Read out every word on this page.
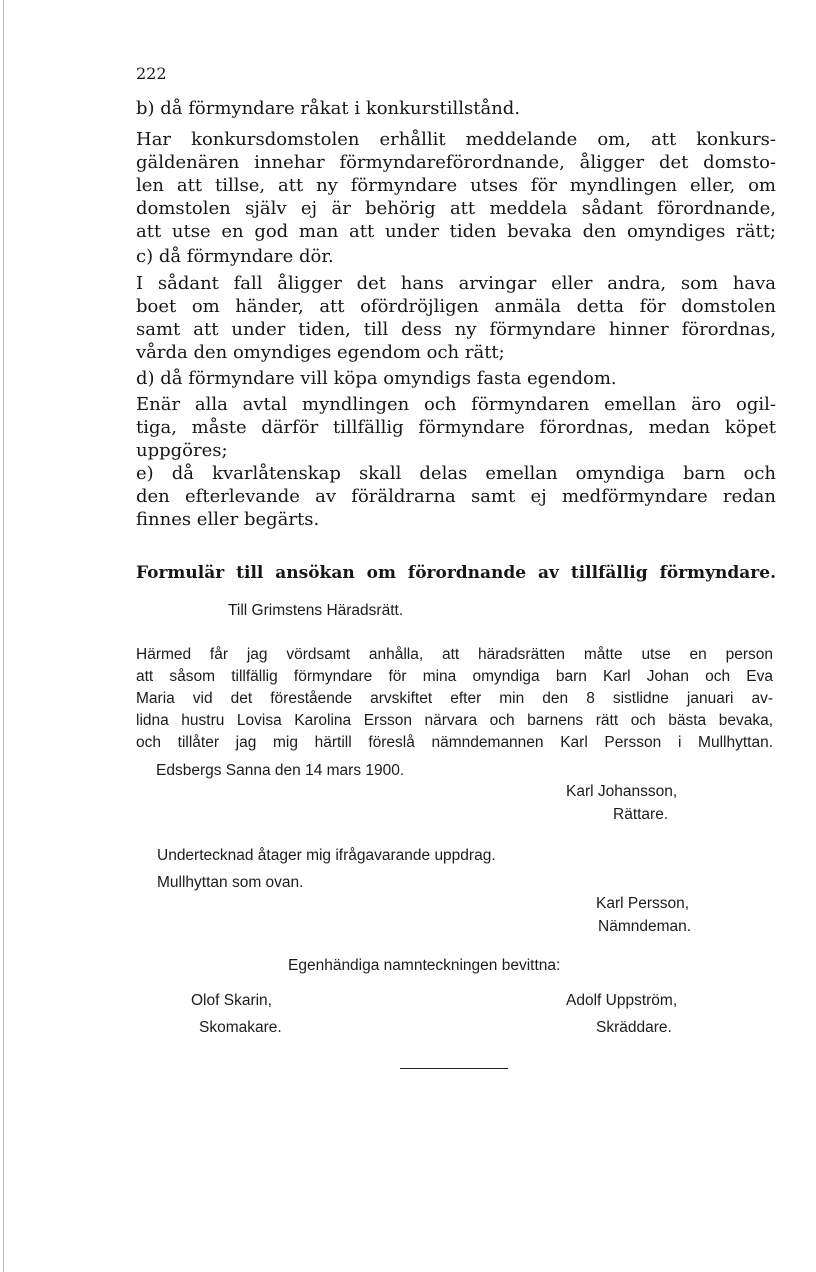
222
b) då förmyndare råkat i konkurstillstånd.
Har konkursdomstolen erhållit meddelande om, att konkurs-
gäldenären innehar förmyndareförordnande, åligger det domsto-
len att tillse, att ny förmyndare utses för myndlingen eller, om
domstolen själv ej är behörig att meddela sådant förordnande,
att utse en god man att under tiden bevaka den omyndiges rätt;
c) då förmyndare dör.
I sådant fall åligger det hans arvingar eller andra, som hava
boet om händer, att ofördröjligen anmäla detta för domstolen
samt att under tiden, till dess ny förmyndare hinner förordnas,
vårda den omyndiges egendom och rätt;
d) då förmyndare vill köpa omyndigs fasta egendom.
Enär alla avtal myndlingen och förmyndaren emellan äro ogil-
tiga, måste därför tillfällig förmyndare förordnas, medan köpet
uppgöres;
e) då kvarlåtenskap skall delas emellan omyndiga barn och
den efterlevande av föräldrarna samt ej medförmyndare redan
finnes eller begärts.
Formulär till ansökan om förordnande av tillfällig förmyndare.
Till Grimstens Häradsrätt.
Härmed får jag vördsamt anhålla, att häradsrätten måtte utse en person
att såsom tillfällig förmyndare för mina omyndiga barn Karl Johan och Eva
Maria vid det förestående arvskiftet efter min den 8 sistlidne januari av-
lidna hustru Lovisa Karolina Ersson närvara och barnens rätt och bästa bevaka,
och tillåter jag mig härtill föreslå nämndemannen Karl Persson i Mullhyttan.
Edsbergs Sanna den 14 mars 1900.
Karl Johansson,
Rättare.
Undertecknad åtager mig ifrågavarande uppdrag.
Mullhyttan som ovan.
Karl Persson,
Nämndeman.
Egenhändiga namnteckningen bevittna:
Olof Skarin,
Skomakare.
Adolf Uppström,
Skräddare.
